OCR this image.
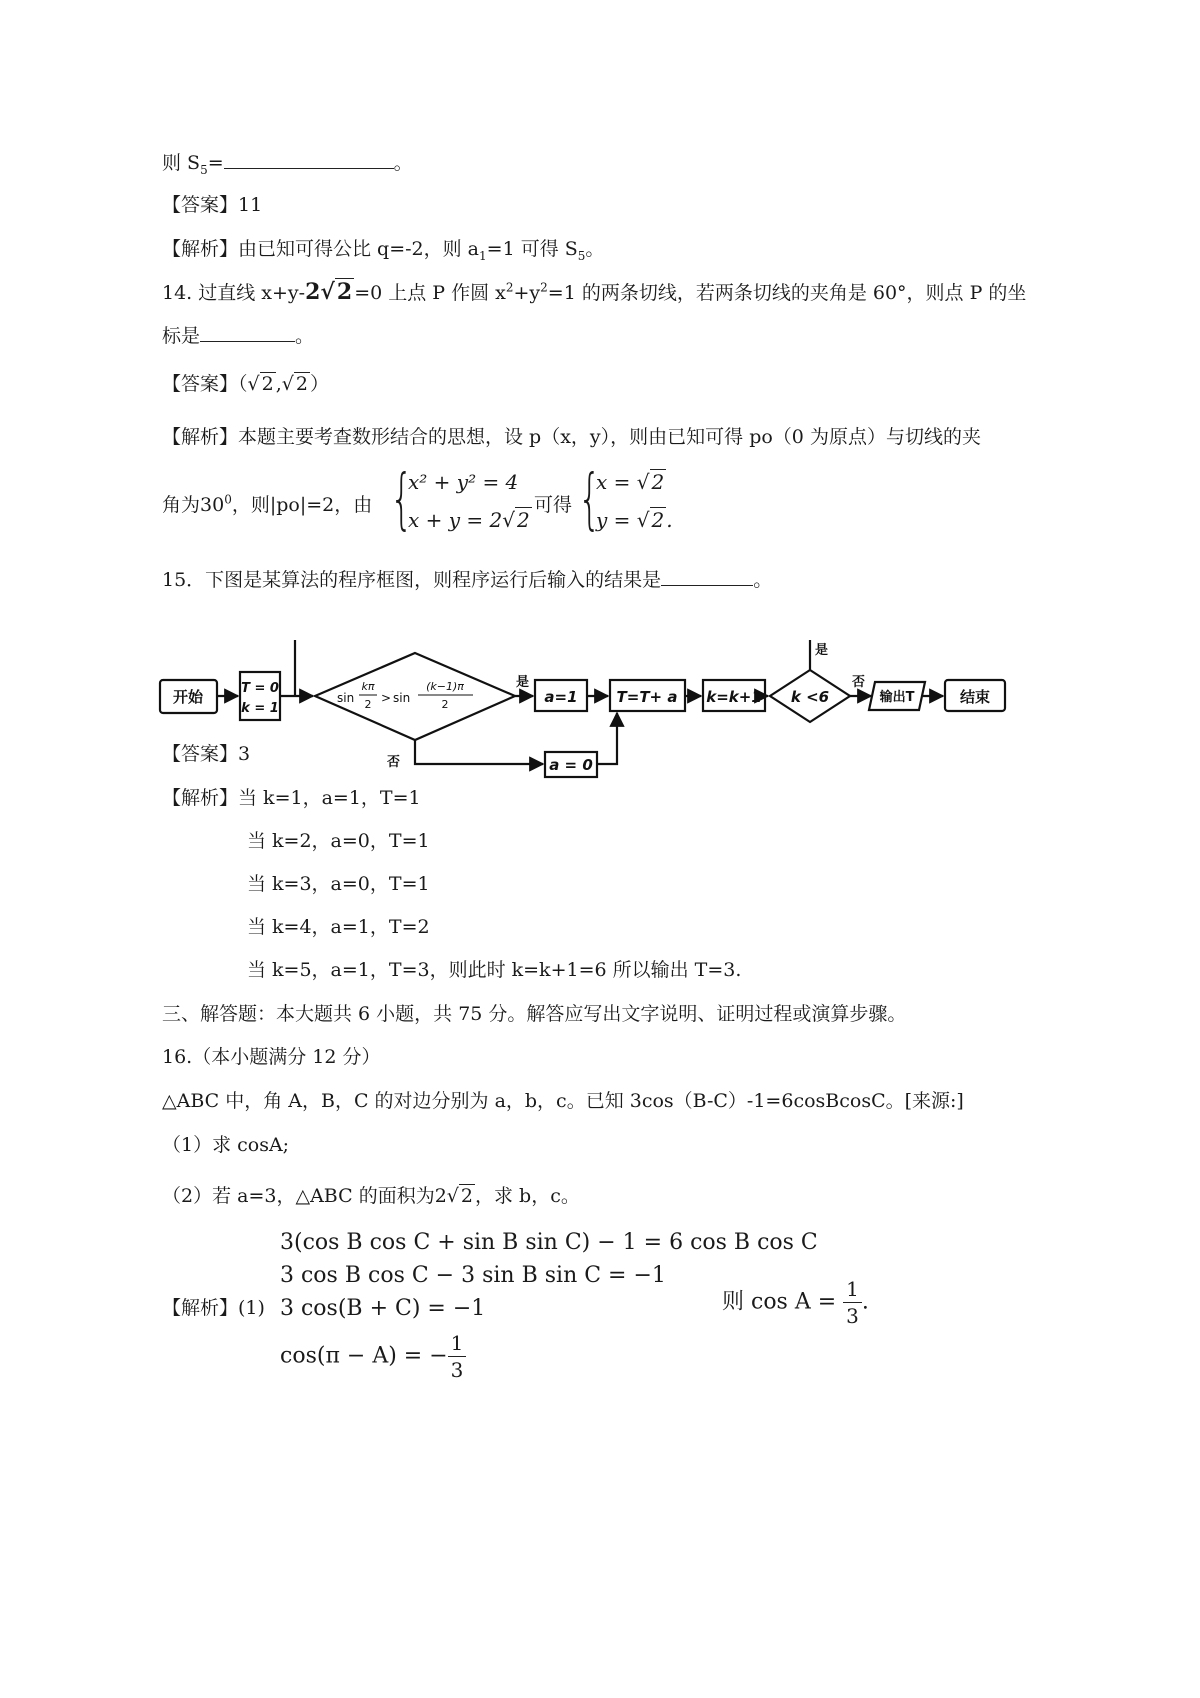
则 $S_5=$	。
【答案】11
【解析】由已知可得公比 q=-2，则 $a_1=1$ 可得 $S_5$。
14. 过直线 x+y-2√2 =0 上点 P 作圆 $x^2+y^2=1$ 的两条切线，若两条切线的夹角是 60°，则点 P 的坐
标是	。
【答案】（√ 2 ,√ 2 ）
【解析】本题主要考查数形结合的思想，设 p（x，y），则由已知可得 po（0 为原点）与切线的夹
角为$30^0$，则|po|=2，由 {
x² + y² = 4
x + y = 2√ 2
可得 {
x = √ 2
y = √ 2 .
15．下图是某算法的程序框图，则程序运行后输入的结果是	。
开始	T = 0
k = 1
sin
kπ
2 > sin
(k−1)π
2
是
否
a=1
a = 0
T=T+ a k=k+1 k <6
是
否
输出T	结束
【答案】3
【解析】当 k=1，a=1，T=1
当 k=2，a=0，T=1
当 k=3，a=0，T=1
当 k=4，a=1，T=2
当 k=5，a=1，T=3，则此时 k=k+1=6 所以输出 T=3.
三、解答题：本大题共 6 小题，共 75 分。解答应写出文字说明、证明过程或演算步骤。
16.（本小题满分 12 分）
△ABC 中，角 A，B，C 的对边分别为 a，b，c。已知 3cos（B-C）-1=6cosBcosC。[来源:]
（1）求 cosA;
（2）若 a=3，△ABC 的面积为2√ 2 ，求 b，c。
3(cos B cos C + sin B sin C) − 1 = 6 cos B cos C
3 cos B cos C − 3 sin B sin C = −1
【解析】(1) 3 cos(B + C) = −1
cos(π − A) = − $\frac{1}{3}$
则 $\cos A = \frac{1}{3}$ .
